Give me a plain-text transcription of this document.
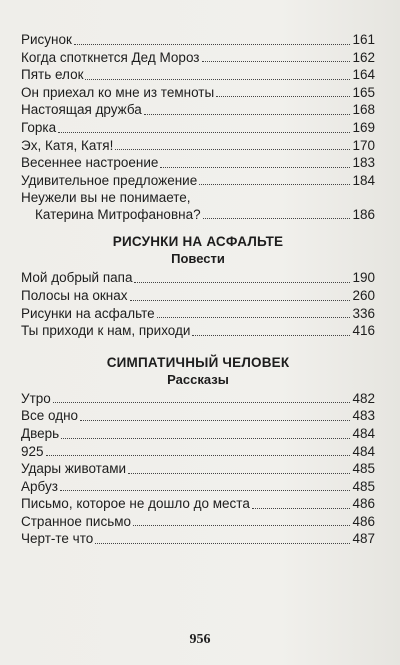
Рисунок	161
Когда споткнется Дед Мороз	162
Пять елок	164
Он приехал ко мне из темноты	165
Настоящая дружба	168
Горка	169
Эх, Катя, Катя!	170
Весеннее настроение	183
Удивительное предложение	184
Неужели вы не понимаете,
Катерина Митрофановна?	186
РИСУНКИ НА АСФАЛЬТЕ
Повести
Мой добрый папа	190
Полосы на окнах	260
Рисунки на асфальте	336
Ты приходи к нам, приходи	416
СИМПАТИЧНЫЙ ЧЕЛОВЕК
Рассказы
Утро	482
Все одно	483
Дверь	484
925	484
Удары животами	485
Арбуз	485
Письмо, которое не дошло до места	486
Странное письмо	486
Черт-те что	487
956
